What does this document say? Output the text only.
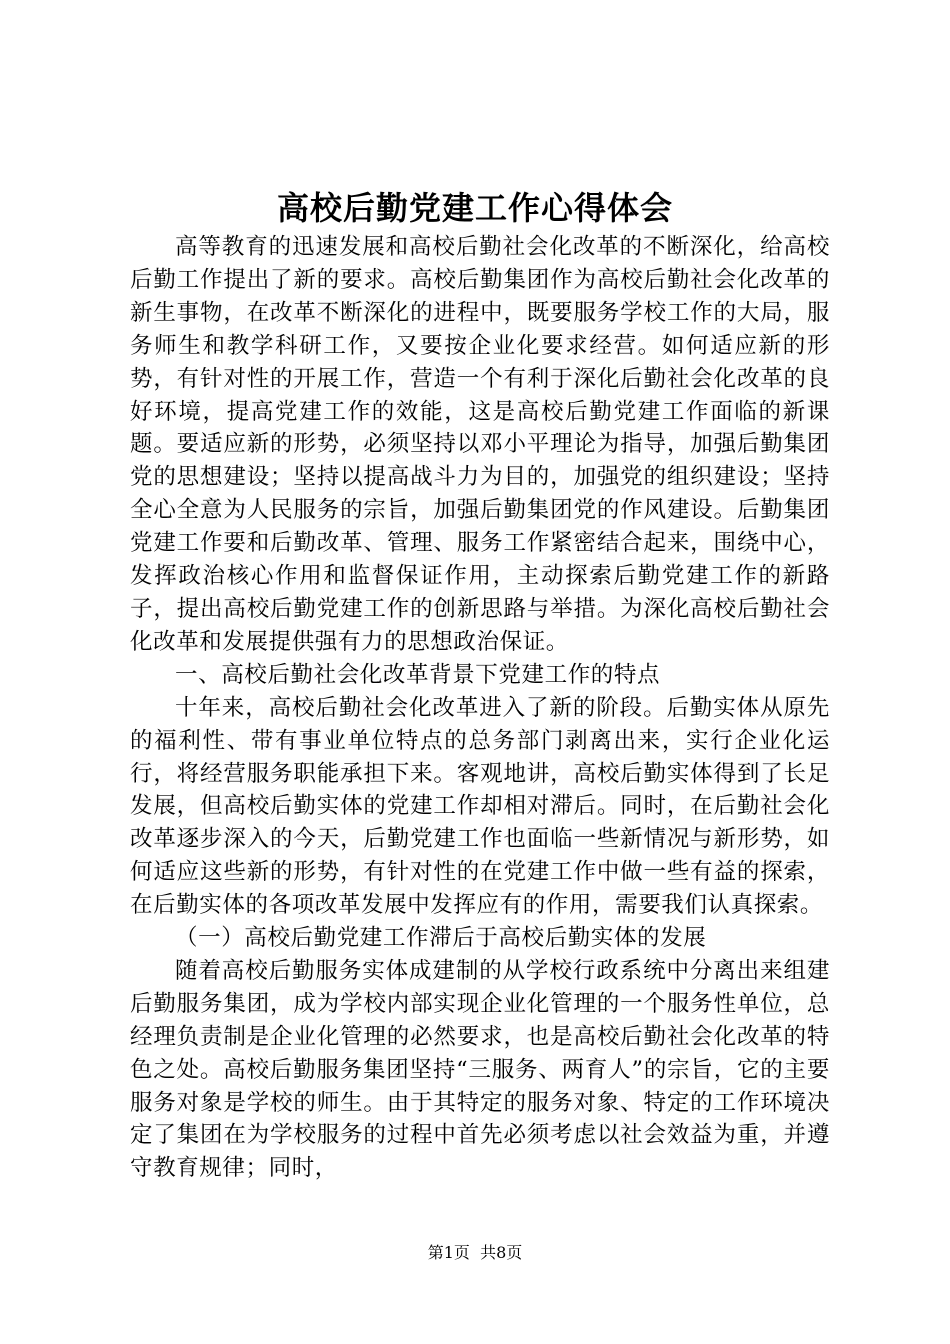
高校后勤党建工作心得体会

高等教育的迅速发展和高校后勤社会化改革的不断深化，给高校后勤工作提出了新的要求。高校后勤集团作为高校后勤社会化改革的新生事物，在改革不断深化的进程中，既要服务学校工作的大局，服务师生和教学科研工作，又要按企业化要求经营。如何适应新的形势，有针对性的开展工作，营造一个有利于深化后勤社会化改革的良好环境，提高党建工作的效能，这是高校后勤党建工作面临的新课题。要适应新的形势，必须坚持以邓小平理论为指导，加强后勤集团党的思想建设；坚持以提高战斗力为目的，加强党的组织建设；坚持全心全意为人民服务的宗旨，加强后勤集团党的作风建设。后勤集团党建工作要和后勤改革、管理、服务工作紧密结合起来，围绕中心，发挥政治核心作用和监督保证作用，主动探索后勤党建工作的新路子，提出高校后勤党建工作的创新思路与举措。为深化高校后勤社会化改革和发展提供强有力的思想政治保证。

一、高校后勤社会化改革背景下党建工作的特点

十年来，高校后勤社会化改革进入了新的阶段。后勤实体从原先的福利性、带有事业单位特点的总务部门剥离出来，实行企业化运行，将经营服务职能承担下来。客观地讲，高校后勤实体得到了长足发展，但高校后勤实体的党建工作却相对滞后。同时，在后勤社会化改革逐步深入的今天，后勤党建工作也面临一些新情况与新形势，如何适应这些新的形势，有针对性的在党建工作中做一些有益的探索，在后勤实体的各项改革发展中发挥应有的作用，需要我们认真探索。

（一）高校后勤党建工作滞后于高校后勤实体的发展

随着高校后勤服务实体成建制的从学校行政系统中分离出来组建后勤服务集团，成为学校内部实现企业化管理的一个服务性单位，总经理负责制是企业化管理的必然要求，也是高校后勤社会化改革的特色之处。高校后勤服务集团坚持“三服务、两育人”的宗旨，它的主要服务对象是学校的师生。由于其特定的服务对象、特定的工作环境决定了集团在为学校服务的过程中首先必须考虑以社会效益为重，并遵守教育规律；同时，

第1页 共8页
